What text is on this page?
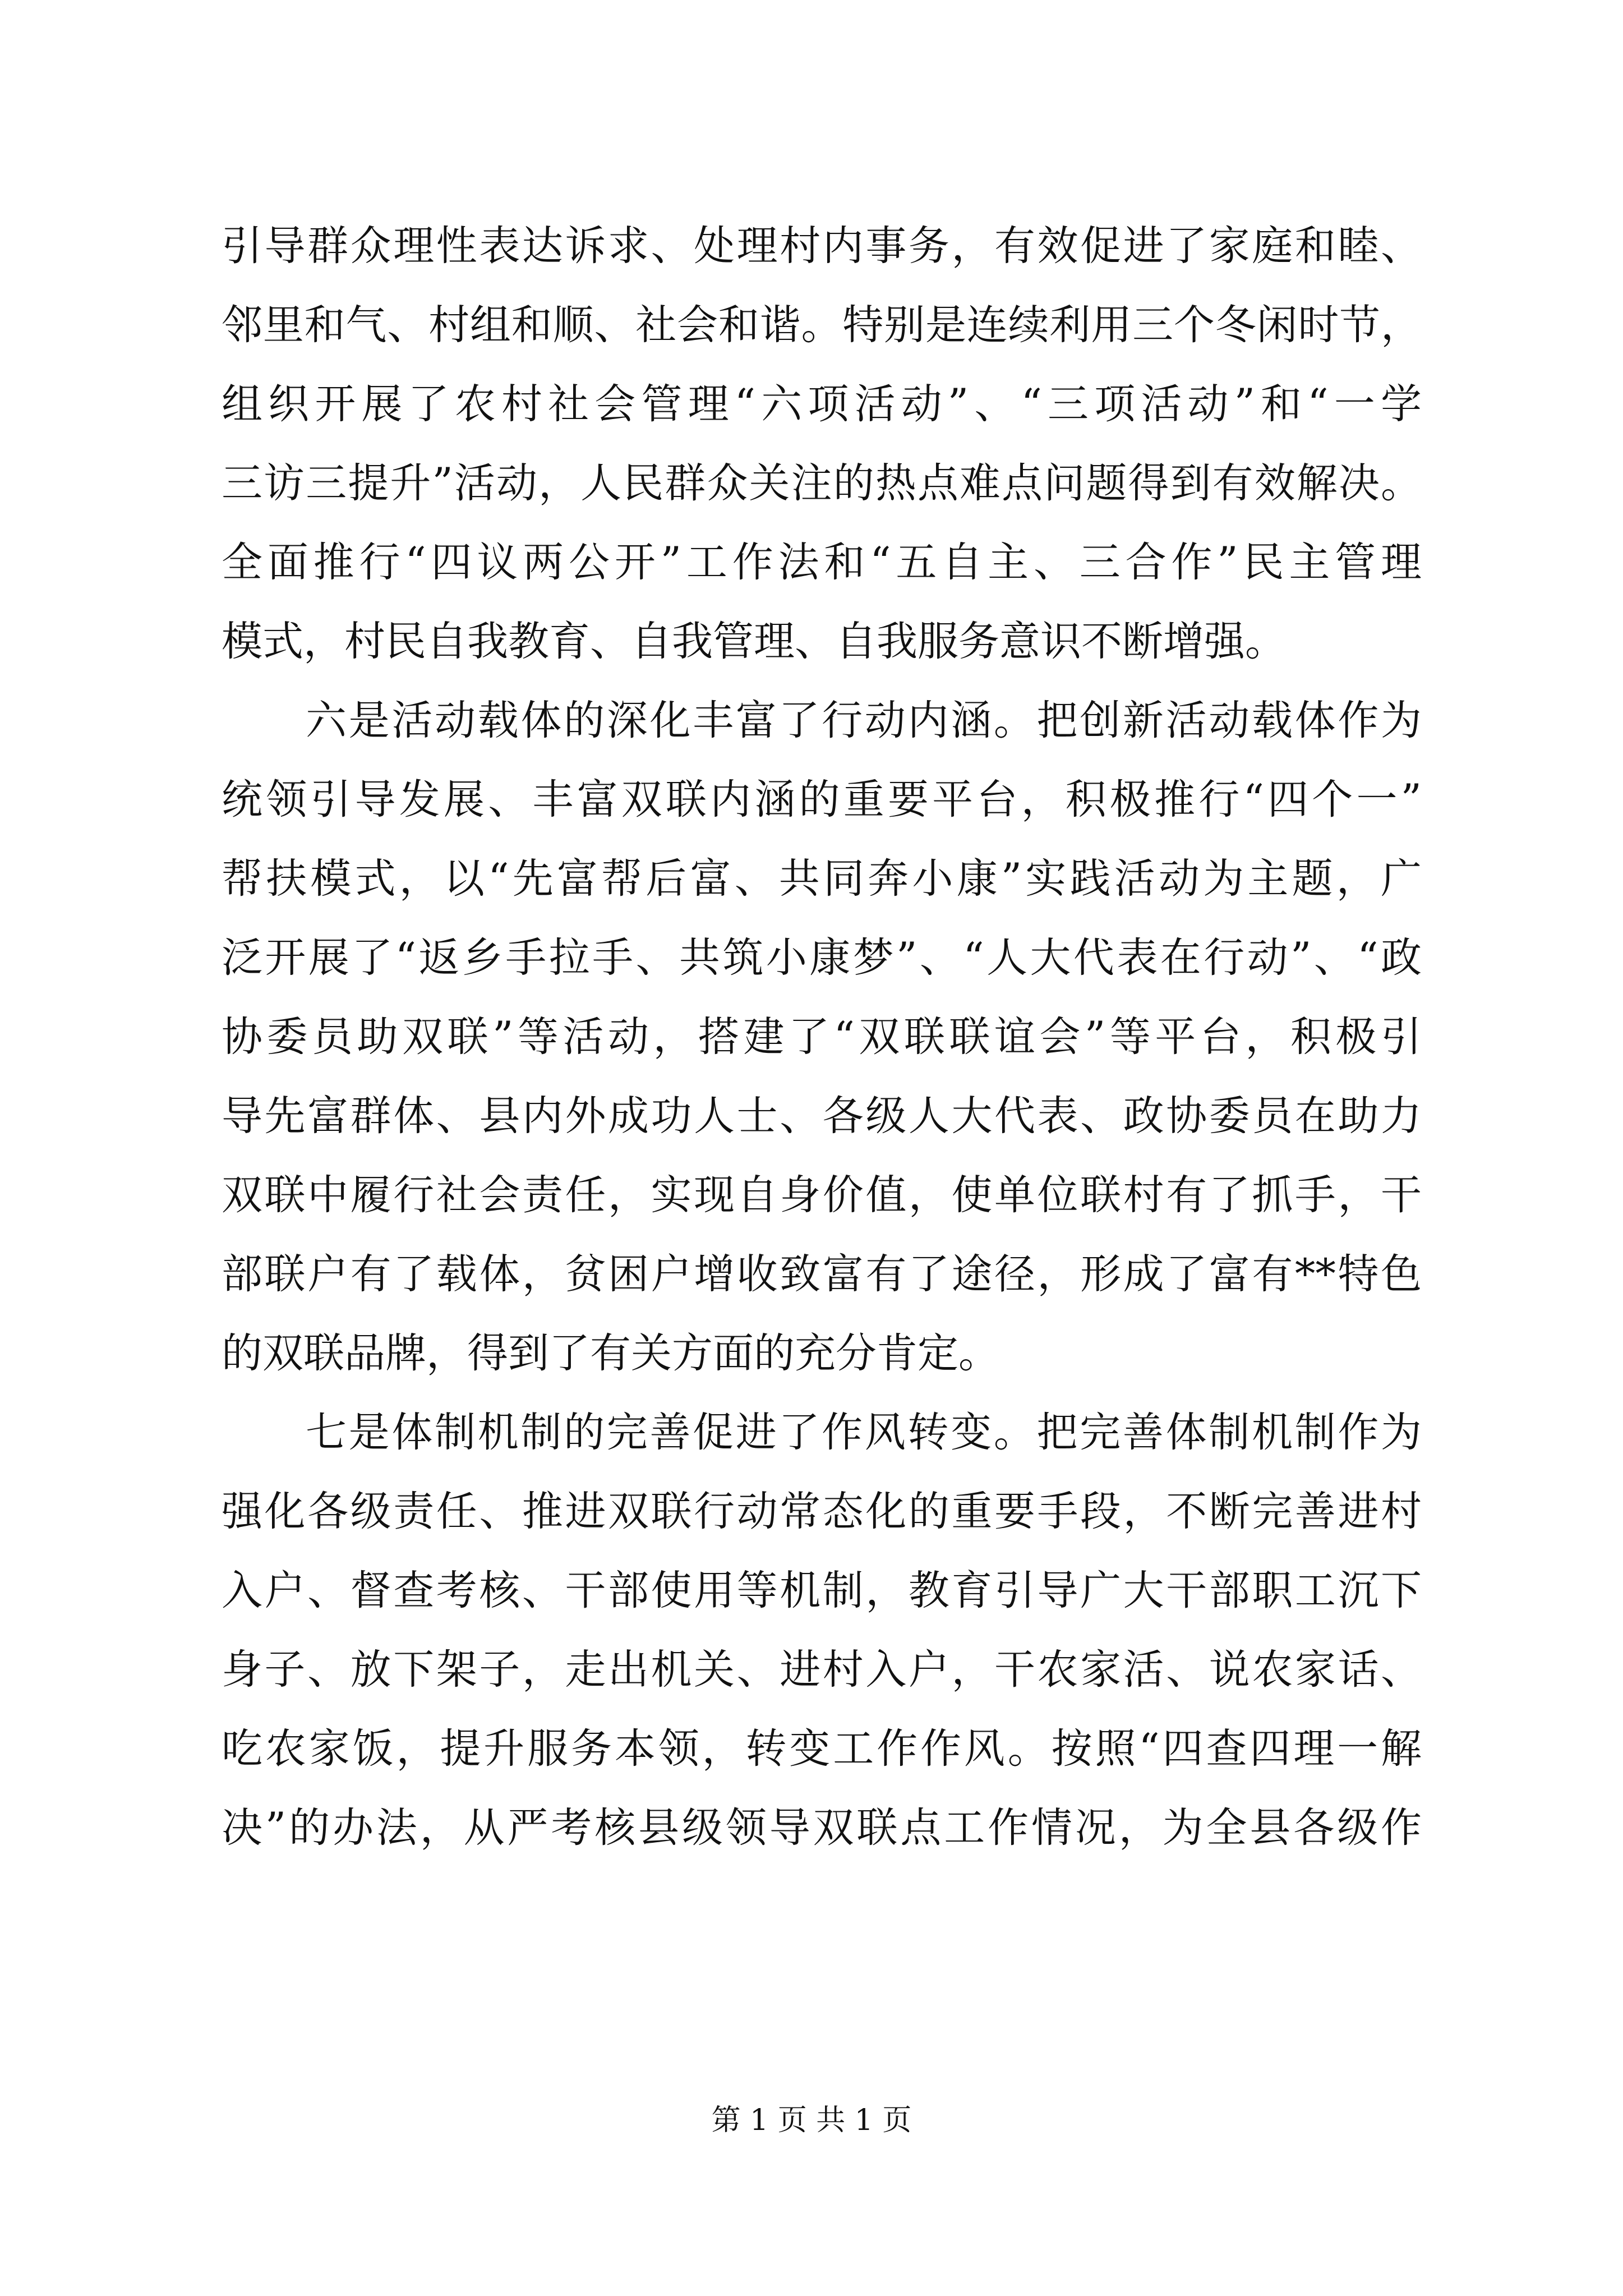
引导群众理性表达诉求、处理村内事务，有效促进了家庭和睦、
邻里和气、村组和顺、社会和谐。特别是连续利用三个冬闲时节，
组织开展了农村社会管理“六项活动”、“三项活动”和“一学
三访三提升”活动，人民群众关注的热点难点问题得到有效解决。
全面推行“四议两公开”工作法和“五自主、三合作”民主管理
模式，村民自我教育、自我管理、自我服务意识不断增强。
六是活动载体的深化丰富了行动内涵。把创新活动载体作为
统领引导发展、丰富双联内涵的重要平台，积极推行“四个一”
帮扶模式，以“先富帮后富、共同奔小康”实践活动为主题，广
泛开展了“返乡手拉手、共筑小康梦”、“人大代表在行动”、“政
协委员助双联”等活动，搭建了“双联联谊会”等平台，积极引
导先富群体、县内外成功人士、各级人大代表、政协委员在助力
双联中履行社会责任，实现自身价值，使单位联村有了抓手，干
部联户有了载体，贫困户增收致富有了途径，形成了富有**特色
的双联品牌，得到了有关方面的充分肯定。
七是体制机制的完善促进了作风转变。把完善体制机制作为
强化各级责任、推进双联行动常态化的重要手段，不断完善进村
入户、督查考核、干部使用等机制，教育引导广大干部职工沉下
身子、放下架子，走出机关、进村入户，干农家活、说农家话、
吃农家饭，提升服务本领，转变工作作风。按照“四查四理一解
决”的办法，从严考核县级领导双联点工作情况，为全县各级作
第 1 页 共 1 页
